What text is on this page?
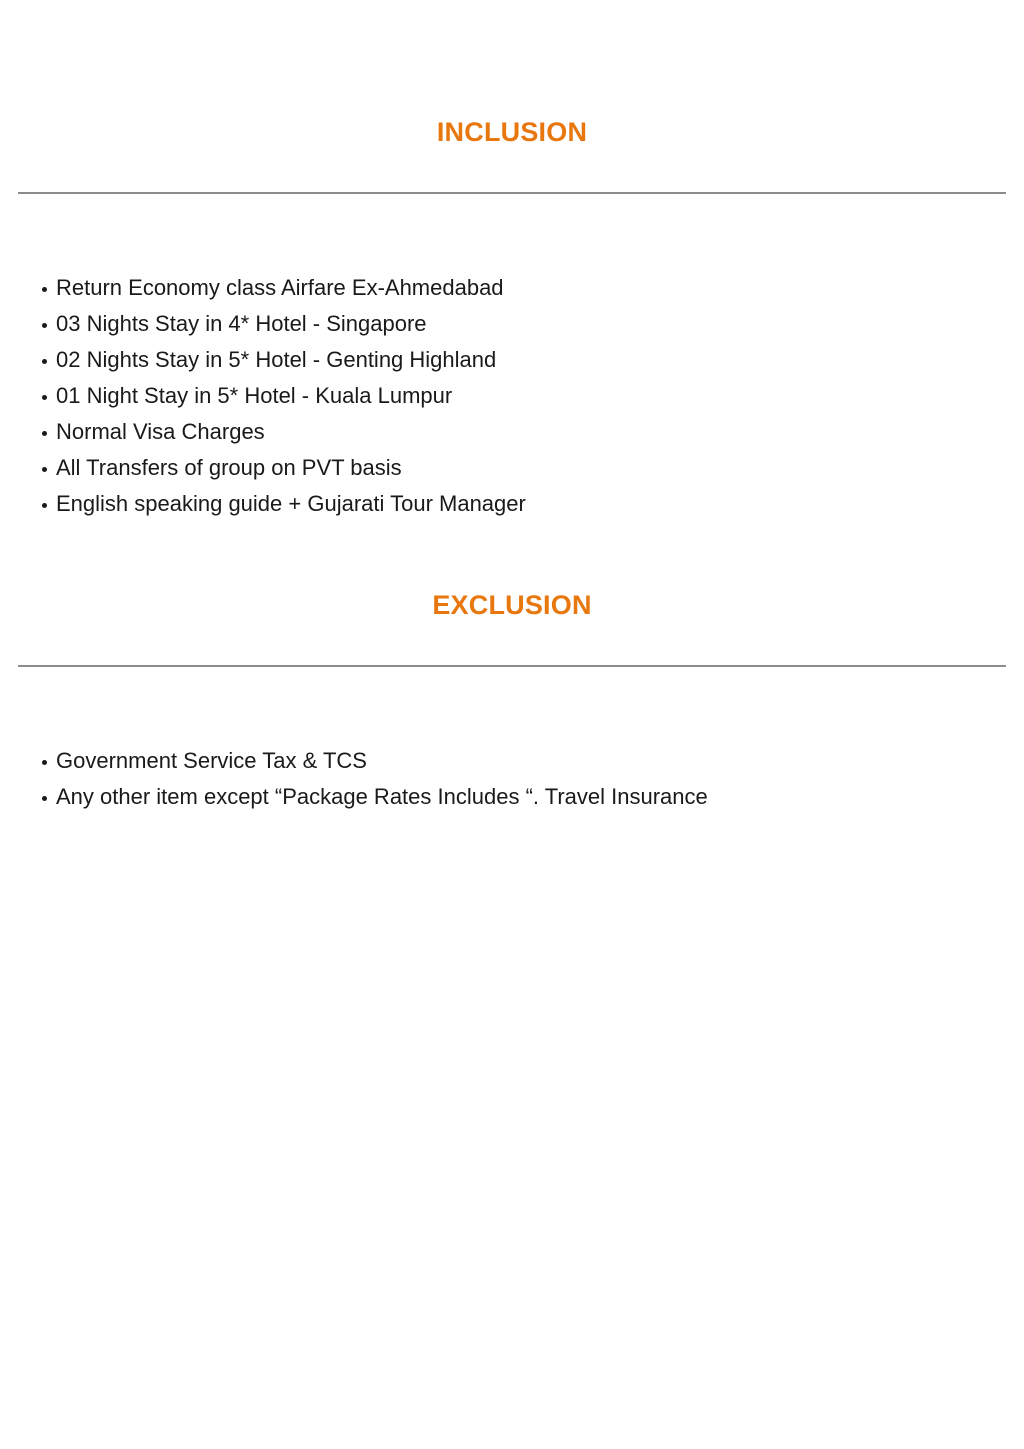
INCLUSION
Return Economy class Airfare Ex-Ahmedabad
03 Nights Stay in 4* Hotel - Singapore
02 Nights Stay in 5* Hotel - Genting Highland
01 Night Stay in 5* Hotel - Kuala Lumpur
Normal Visa Charges
All Transfers of group on PVT basis
English speaking guide + Gujarati Tour Manager
EXCLUSION
Government Service Tax & TCS
Any other item except “Package Rates Includes “. Travel Insurance
